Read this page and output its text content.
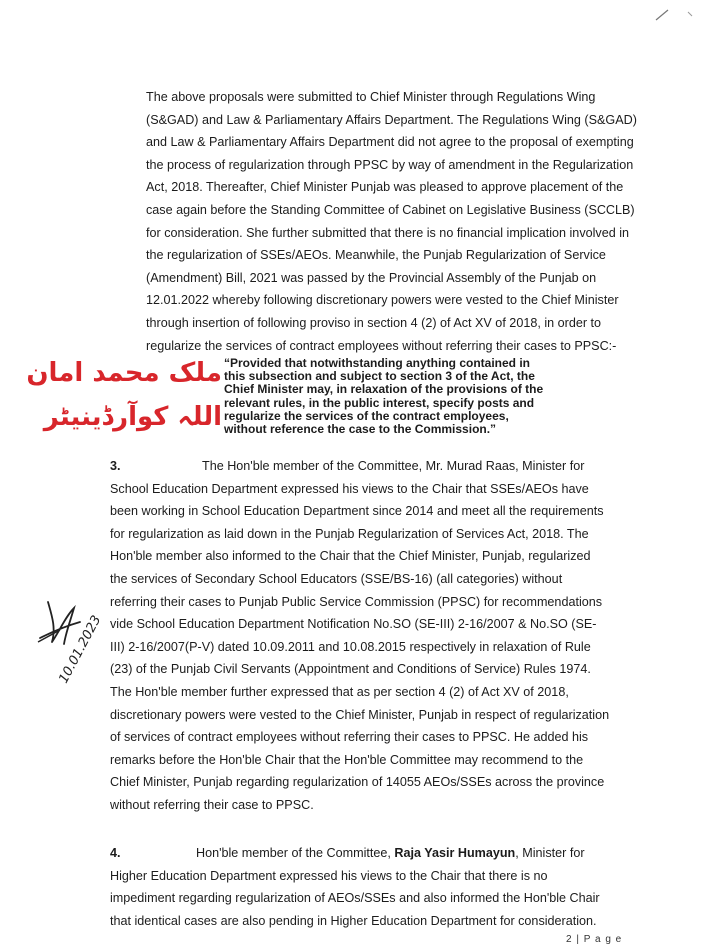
The above proposals were submitted to Chief Minister through Regulations Wing
(S&GAD) and Law & Parliamentary Affairs Department. The Regulations Wing (S&GAD)
and Law & Parliamentary Affairs Department did not agree to the proposal of exempting
the process of regularization through PPSC by way of amendment in the Regularization
Act, 2018. Thereafter, Chief Minister Punjab was pleased to approve placement of the
case again before the Standing Committee of Cabinet on Legislative Business (SCCLB)
for consideration. She further submitted that there is no financial implication involved in
the regularization of SSEs/AEOs. Meanwhile, the Punjab Regularization of Service
(Amendment) Bill, 2021 was passed by the Provincial Assembly of the Punjab on
12.01.2022 whereby following discretionary powers were vested to the Chief Minister
through insertion of following proviso in section 4 (2) of Act XV of 2018, in order to
regularize the services of contract employees without referring their cases to PPSC:-
ملک محمد امان
اللہ کوآرڈینیٹر
“Provided that notwithstanding anything contained in
this subsection and subject to section 3 of the Act, the
Chief Minister may, in relaxation of the provisions of the
relevant rules, in the public interest, specify posts and
regularize the services of the contract employees,
without reference the case to the Commission.”
3.	The Hon'ble member of the Committee, Mr. Murad Raas, Minister for
School Education Department expressed his views to the Chair that SSEs/AEOs have
been working in School Education Department since 2014 and meet all the requirements
for regularization as laid down in the Punjab Regularization of Services Act, 2018. The
Hon'ble member also informed to the Chair that the Chief Minister, Punjab, regularized
the services of Secondary School Educators (SSE/BS-16) (all categories) without
referring their cases to Punjab Public Service Commission (PPSC) for recommendations
vide School Education Department Notification No.SO (SE-III) 2-16/2007 & No.SO (SE-
III) 2-16/2007(P-V) dated 10.09.2011 and 10.08.2015 respectively in relaxation of Rule
(23) of the Punjab Civil Servants (Appointment and Conditions of Service) Rules 1974.
The Hon'ble member further expressed that as per section 4 (2) of Act XV of 2018,
discretionary powers were vested to the Chief Minister, Punjab in respect of regularization
of services of contract employees without referring their cases to PPSC. He added his
remarks before the Hon'ble Chair that the Hon'ble Committee may recommend to the
Chief Minister, Punjab regarding regularization of 14055 AEOs/SSEs across the province
without referring their case to PPSC.
10.01.2023
4.	Hon'ble member of the Committee, Raja Yasir Humayun, Minister for
Higher Education Department expressed his views to the Chair that there is no
impediment regarding regularization of AEOs/SSEs and also informed the Hon'ble Chair
that identical cases are also pending in Higher Education Department for consideration.
2 | P a g e
